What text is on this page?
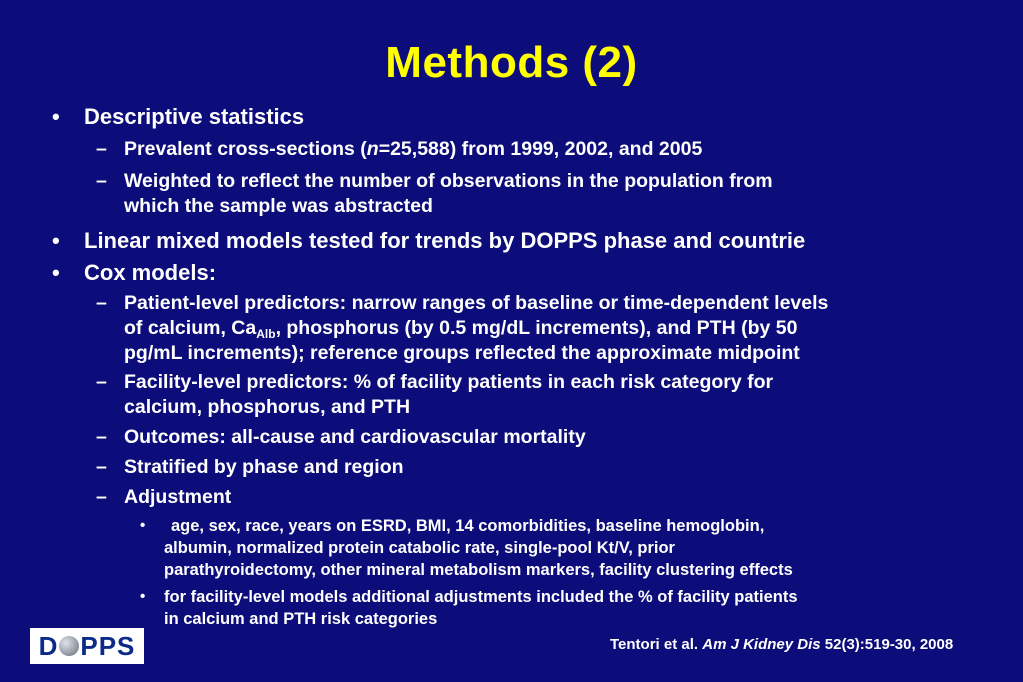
Methods (2)
• Descriptive statistics
– Prevalent cross-sections (n=25,588) from 1999, 2002, and 2005
– Weighted to reflect the number of observations in the population from
which the sample was abstracted
• Linear mixed models tested for trends by DOPPS phase and countrie
• Cox models:
– Patient-level predictors: narrow ranges of baseline or time-dependent levels
of calcium, $Ca_{Alb}$, phosphorus (by 0.5 mg/dL increments), and PTH (by 50
pg/mL increments); reference groups reflected the approximate midpoint
– Facility-level predictors: % of facility patients in each risk category for
calcium, phosphorus, and PTH
– Outcomes: all-cause and cardiovascular mortality
– Stratified by phase and region
– Adjustment
• age, sex, race, years on ESRD, BMI, 14 comorbidities, baseline hemoglobin,
albumin, normalized protein catabolic rate, single-pool Kt/V, prior
parathyroidectomy, other mineral metabolism markers, facility clustering effects
• for facility-level models additional adjustments included the % of facility patients
in calcium and PTH risk categories
D PPS	Tentori et al. Am J Kidney Dis 52(3):519-30, 2008
